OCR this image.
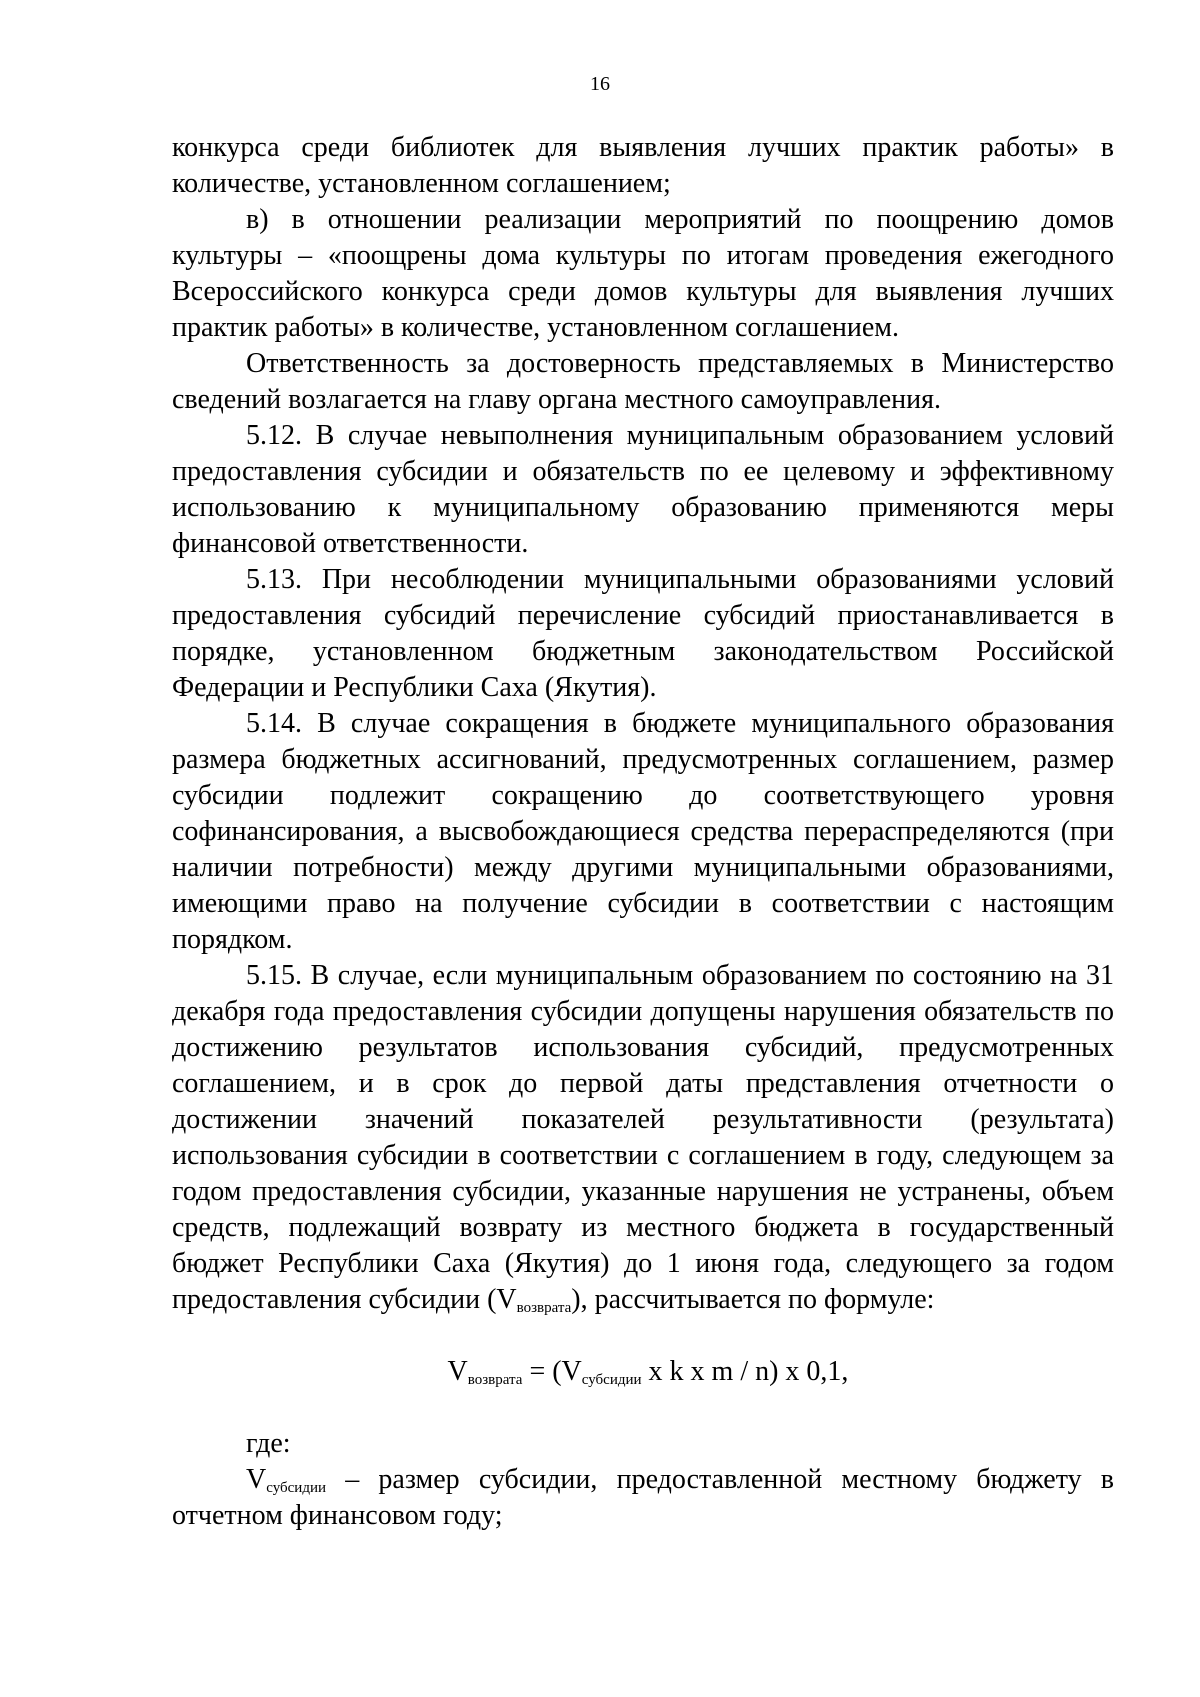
16

конкурса среди библиотек для выявления лучших практик работы» в количестве, установленном соглашением;

в) в отношении реализации мероприятий по поощрению домов культуры – «поощрены дома культуры по итогам проведения ежегодного Всероссийского конкурса среди домов культуры для выявления лучших практик работы» в количестве, установленном соглашением.

Ответственность за достоверность представляемых в Министерство сведений возлагается на главу органа местного самоуправления.

5.12. В случае невыполнения муниципальным образованием условий предоставления субсидии и обязательств по ее целевому и эффективному использованию к муниципальному образованию применяются меры финансовой ответственности.

5.13. При несоблюдении муниципальными образованиями условий предоставления субсидий перечисление субсидий приостанавливается в порядке, установленном бюджетным законодательством Российской Федерации и Республики Саха (Якутия).

5.14. В случае сокращения в бюджете муниципального образования размера бюджетных ассигнований, предусмотренных соглашением, размер субсидии подлежит сокращению до соответствующего уровня софинансирования, а высвобождающиеся средства перераспределяются (при наличии потребности) между другими муниципальными образованиями, имеющими право на получение субсидии в соответствии с настоящим порядком.

5.15. В случае, если муниципальным образованием по состоянию на 31 декабря года предоставления субсидии допущены нарушения обязательств по достижению результатов использования субсидий, предусмотренных соглашением, и в срок до первой даты представления отчетности о достижении значений показателей результативности (результата) использования субсидии в соответствии с соглашением в году, следующем за годом предоставления субсидии, указанные нарушения не устранены, объем средств, подлежащий возврату из местного бюджета в государственный бюджет Республики Саха (Якутия) до 1 июня года, следующего за годом предоставления субсидии $(V_{возврата})$, рассчитывается по формуле:

$V_{возврата} = (V_{субсидии}$ x k x m / n) x 0,1,

где:

$V_{субсидии}$ – размер субсидии, предоставленной местному бюджету в отчетном финансовом году;
